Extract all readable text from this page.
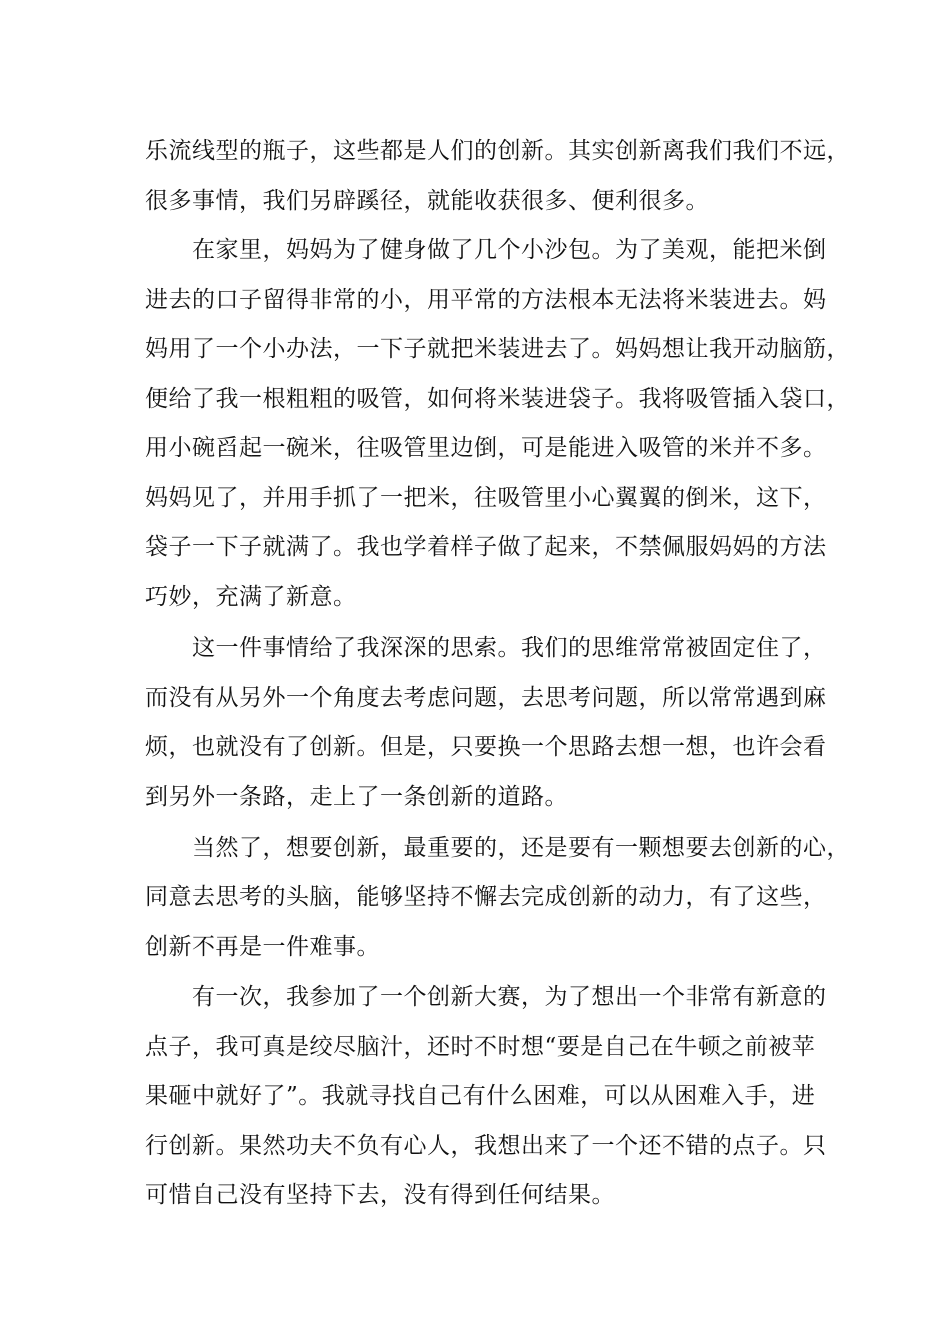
乐流线型的瓶子，这些都是人们的创新。其实创新离我们我们不远，
很多事情，我们另辟蹊径，就能收获很多、便利很多。
在家里，妈妈为了健身做了几个小沙包。为了美观，能把米倒
进去的口子留得非常的小，用平常的方法根本无法将米装进去。妈
妈用了一个小办法，一下子就把米装进去了。妈妈想让我开动脑筋，
便给了我一根粗粗的吸管，如何将米装进袋子。我将吸管插入袋口，
用小碗舀起一碗米，往吸管里边倒，可是能进入吸管的米并不多。
妈妈见了，并用手抓了一把米，往吸管里小心翼翼的倒米，这下，
袋子一下子就满了。我也学着样子做了起来，不禁佩服妈妈的方法
巧妙，充满了新意。
这一件事情给了我深深的思索。我们的思维常常被固定住了，
而没有从另外一个角度去考虑问题，去思考问题，所以常常遇到麻
烦，也就没有了创新。但是，只要换一个思路去想一想，也许会看
到另外一条路，走上了一条创新的道路。
当然了，想要创新，最重要的，还是要有一颗想要去创新的心，
同意去思考的头脑，能够坚持不懈去完成创新的动力，有了这些，
创新不再是一件难事。
有一次，我参加了一个创新大赛，为了想出一个非常有新意的
点子，我可真是绞尽脑汁，还时不时想“要是自己在牛顿之前被苹
果砸中就好了”。我就寻找自己有什么困难，可以从困难入手，进
行创新。果然功夫不负有心人，我想出来了一个还不错的点子。只
可惜自己没有坚持下去，没有得到任何结果。
